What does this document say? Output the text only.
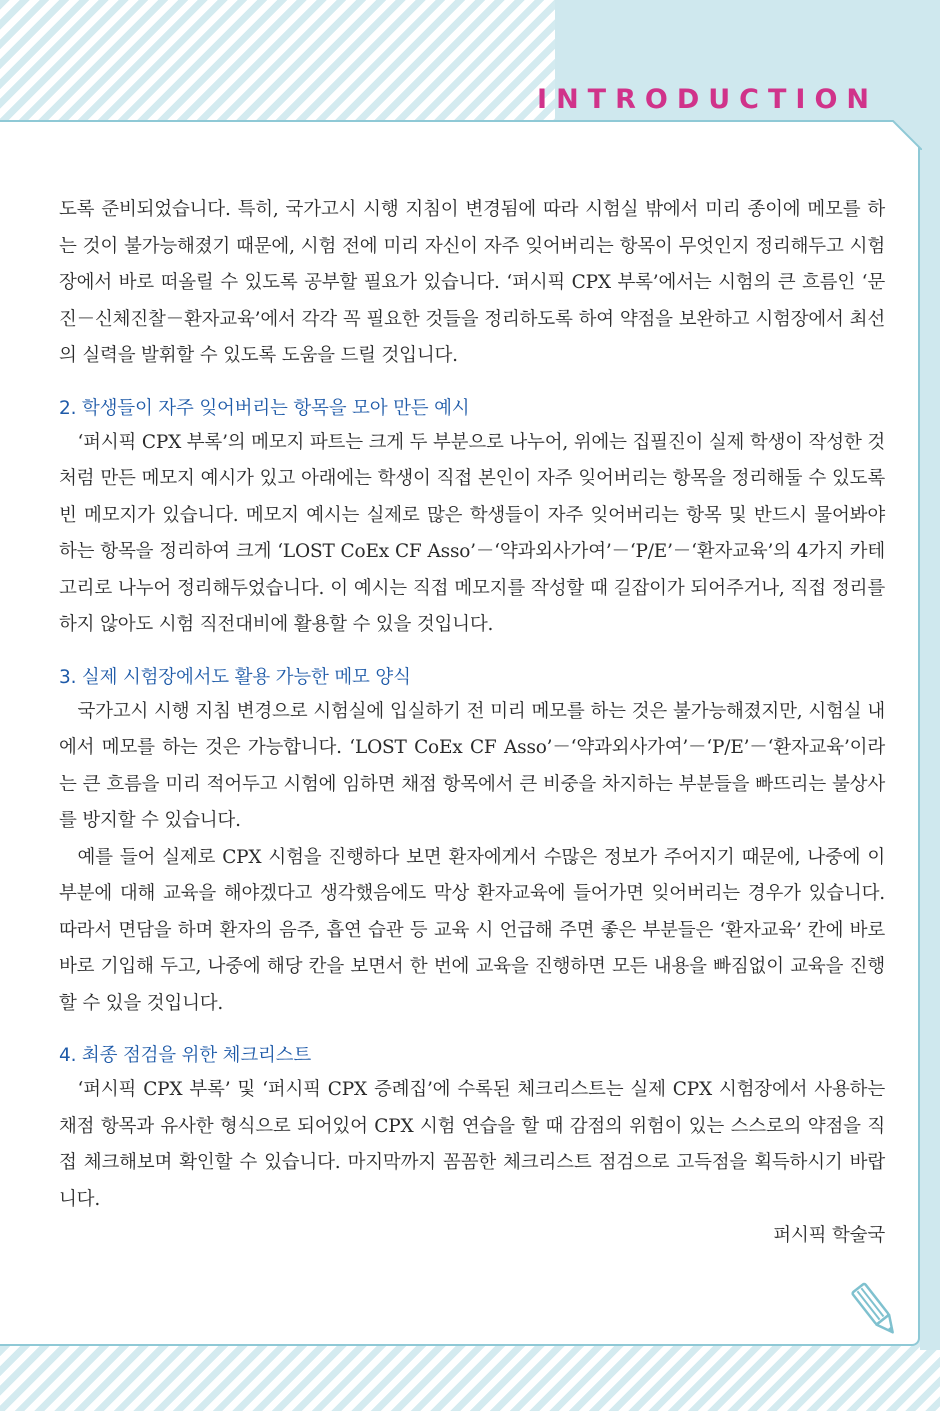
INTRODUCTION

도록 준비되었습니다. 특히, 국가고시 시행 지침이 변경됨에 따라 시험실 밖에서 미리 종이에 메모를 하는 것이 불가능해졌기 때문에, 시험 전에 미리 자신이 자주 잊어버리는 항목이 무엇인지 정리해두고 시험장에서 바로 떠올릴 수 있도록 공부할 필요가 있습니다. ‘퍼시픽 CPX 부록’에서는 시험의 큰 흐름인 ‘문진－신체진찰－환자교육’에서 각각 꼭 필요한 것들을 정리하도록 하여 약점을 보완하고 시험장에서 최선의 실력을 발휘할 수 있도록 도움을 드릴 것입니다.

2. 학생들이 자주 잊어버리는 항목을 모아 만든 예시

‘퍼시픽 CPX 부록’의 메모지 파트는 크게 두 부분으로 나누어, 위에는 집필진이 실제 학생이 작성한 것처럼 만든 메모지 예시가 있고 아래에는 학생이 직접 본인이 자주 잊어버리는 항목을 정리해둘 수 있도록 빈 메모지가 있습니다. 메모지 예시는 실제로 많은 학생들이 자주 잊어버리는 항목 및 반드시 물어봐야 하는 항목을 정리하여 크게 ‘LOST CoEx CF Asso’－‘약과외사가여’－‘P/E’－‘환자교육’의 4가지 카테고리로 나누어 정리해두었습니다. 이 예시는 직접 메모지를 작성할 때 길잡이가 되어주거나, 직접 정리를 하지 않아도 시험 직전대비에 활용할 수 있을 것입니다.

3. 실제 시험장에서도 활용 가능한 메모 양식

국가고시 시행 지침 변경으로 시험실에 입실하기 전 미리 메모를 하는 것은 불가능해졌지만, 시험실 내에서 메모를 하는 것은 가능합니다. ‘LOST CoEx CF Asso’－‘약과외사가여’－‘P/E’－‘환자교육’이라는 큰 흐름을 미리 적어두고 시험에 임하면 채점 항목에서 큰 비중을 차지하는 부분들을 빠뜨리는 불상사를 방지할 수 있습니다.

예를 들어 실제로 CPX 시험을 진행하다 보면 환자에게서 수많은 정보가 주어지기 때문에, 나중에 이 부분에 대해 교육을 해야겠다고 생각했음에도 막상 환자교육에 들어가면 잊어버리는 경우가 있습니다. 따라서 면담을 하며 환자의 음주, 흡연 습관 등 교육 시 언급해 주면 좋은 부분들은 ‘환자교육’ 칸에 바로바로 기입해 두고, 나중에 해당 칸을 보면서 한 번에 교육을 진행하면 모든 내용을 빠짐없이 교육을 진행할 수 있을 것입니다.

4. 최종 점검을 위한 체크리스트

‘퍼시픽 CPX 부록’ 및 ‘퍼시픽 CPX 증례집’에 수록된 체크리스트는 실제 CPX 시험장에서 사용하는 채점 항목과 유사한 형식으로 되어있어 CPX 시험 연습을 할 때 감점의 위험이 있는 스스로의 약점을 직접 체크해보며 확인할 수 있습니다. 마지막까지 꼼꼼한 체크리스트 점검으로 고득점을 획득하시기 바랍니다.

퍼시픽 학술국
